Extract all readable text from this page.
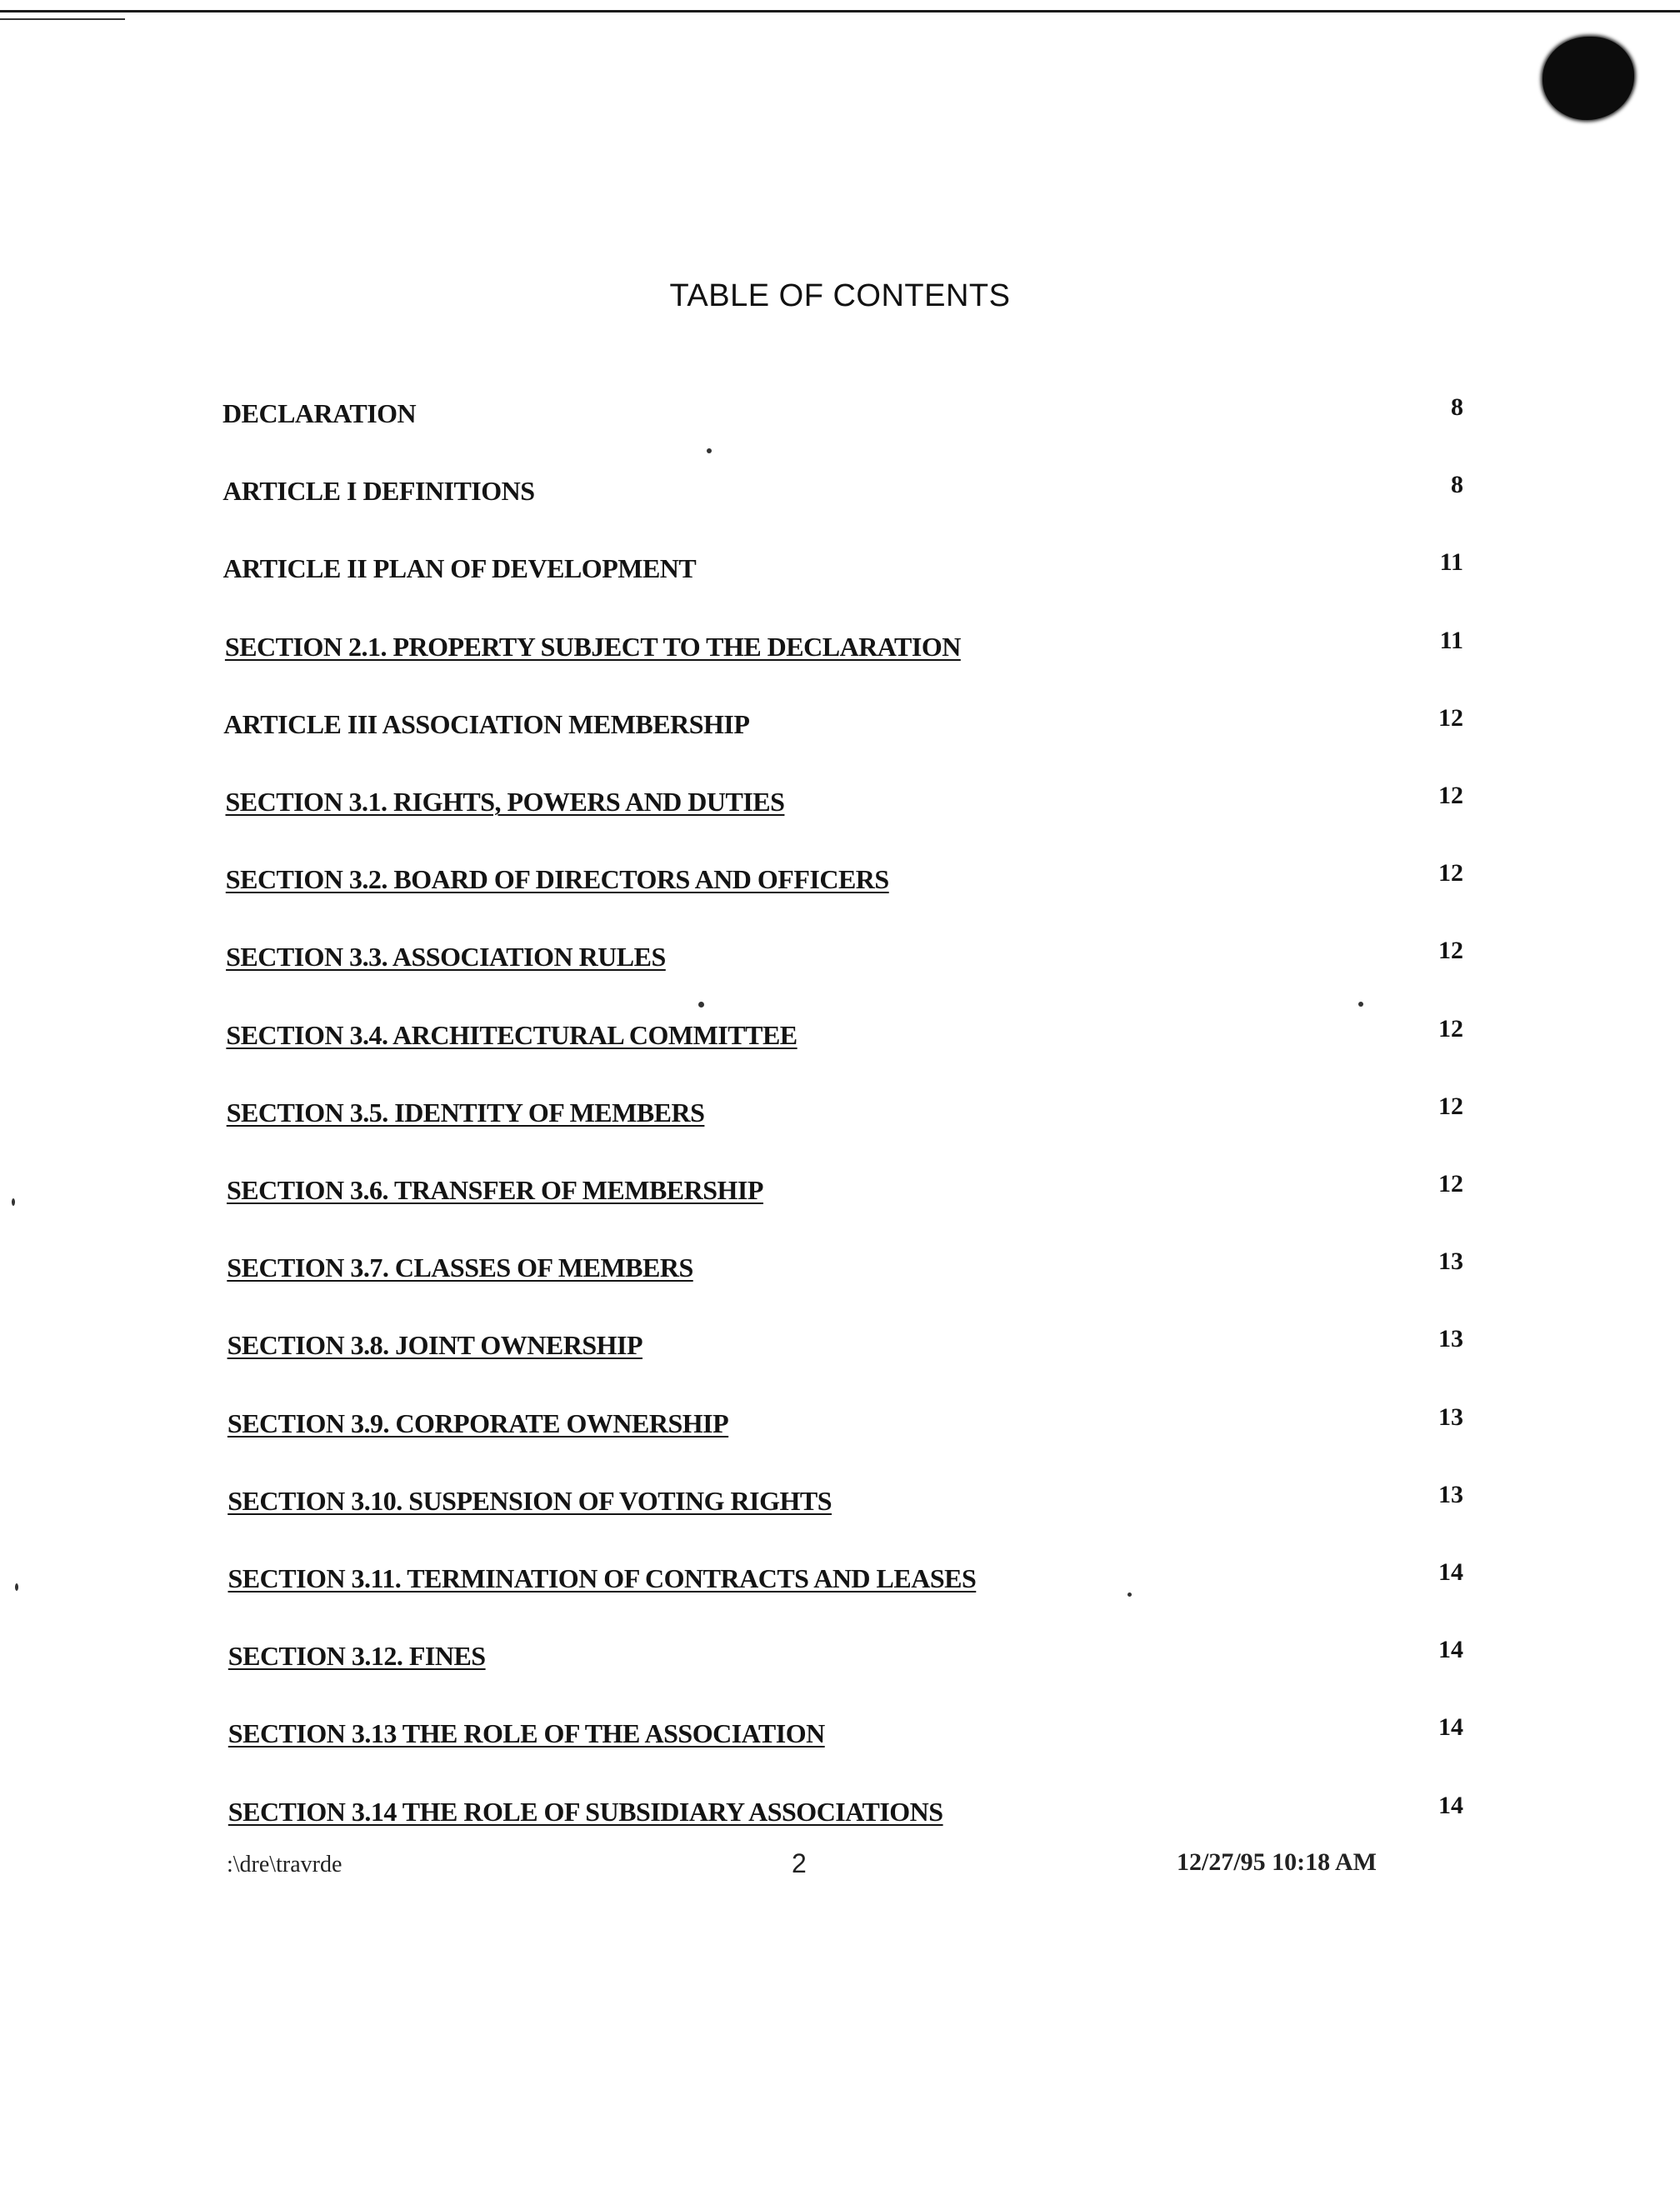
TABLE OF CONTENTS
DECLARATION	8
ARTICLE I DEFINITIONS	8
ARTICLE II PLAN OF DEVELOPMENT	11
SECTION 2.1. PROPERTY SUBJECT TO THE DECLARATION	11
ARTICLE III ASSOCIATION MEMBERSHIP	12
SECTION 3.1. RIGHTS, POWERS AND DUTIES	12
SECTION 3.2. BOARD OF DIRECTORS AND OFFICERS	12
SECTION 3.3. ASSOCIATION RULES	12
SECTION 3.4. ARCHITECTURAL COMMITTEE	12
SECTION 3.5. IDENTITY OF MEMBERS	12
SECTION 3.6. TRANSFER OF MEMBERSHIP	12
SECTION 3.7. CLASSES OF MEMBERS	13
SECTION 3.8. JOINT OWNERSHIP	13
SECTION 3.9. CORPORATE OWNERSHIP	13
SECTION 3.10. SUSPENSION OF VOTING RIGHTS	13
SECTION 3.11. TERMINATION OF CONTRACTS AND LEASES	14
SECTION 3.12. FINES	14
SECTION 3.13 THE ROLE OF THE ASSOCIATION	14
SECTION 3.14 THE ROLE OF SUBSIDIARY ASSOCIATIONS	14
:\dre\travrde	2	12/27/95 10:18 AM
